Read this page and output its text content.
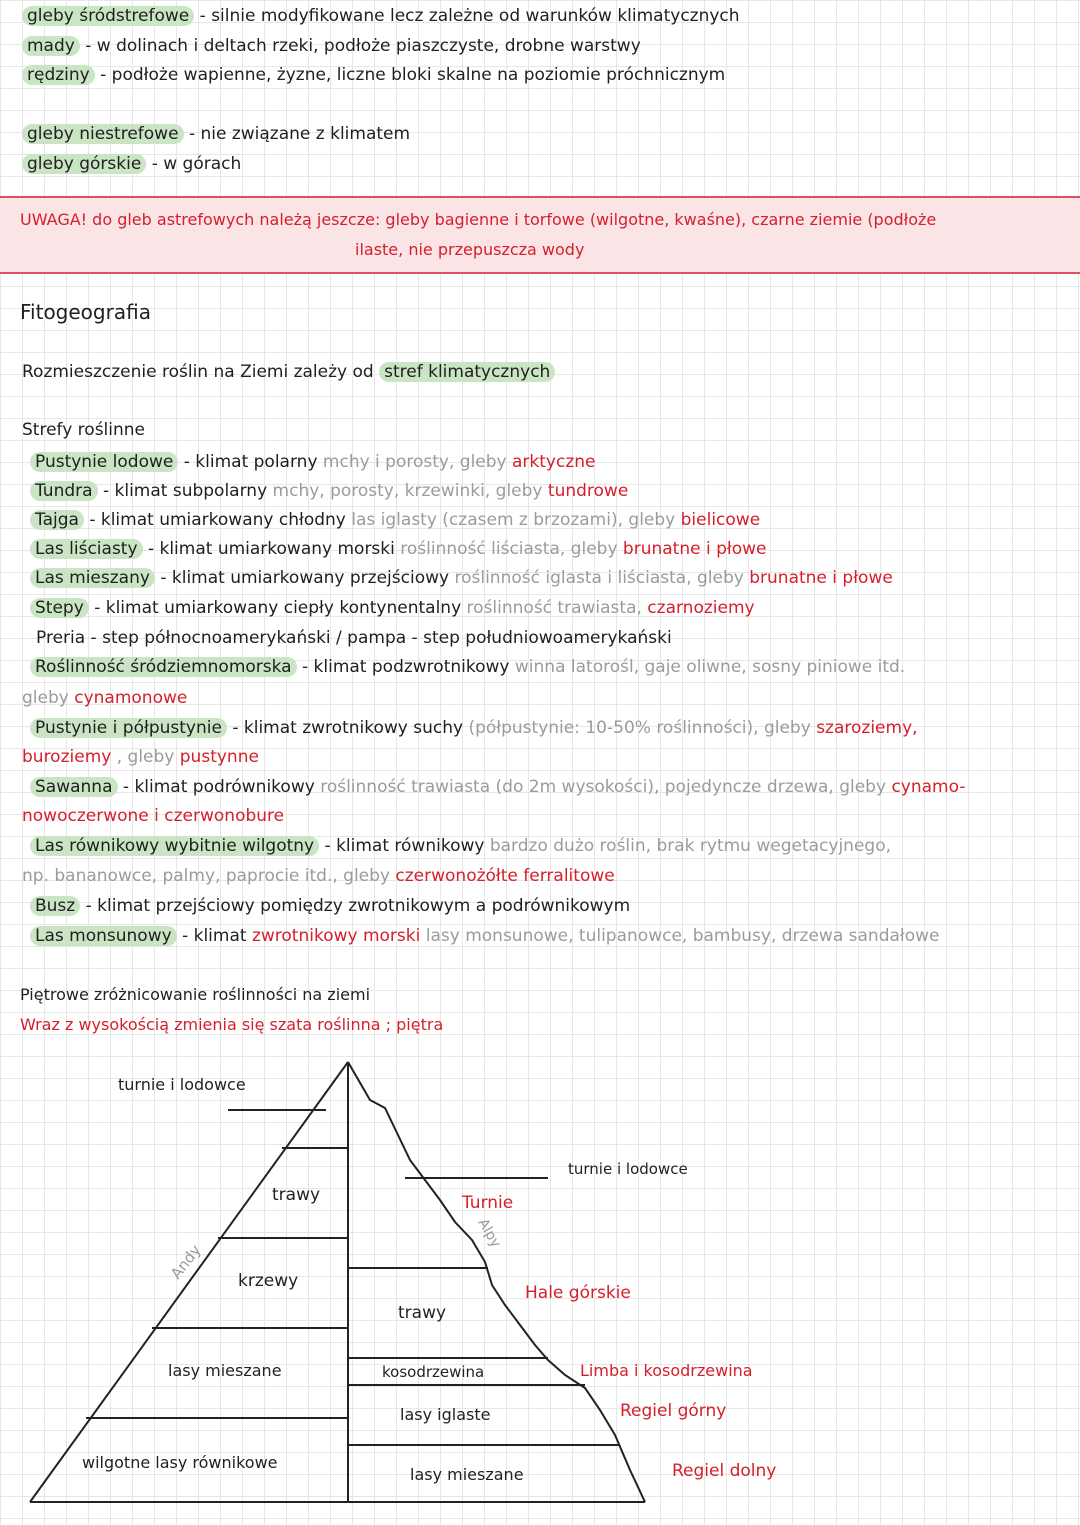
gleby śródstrefowe - silnie modyfikowane lecz zależne od warunków klimatycznych
mady - w dolinach i deltach rzeki, podłoże piaszczyste, drobne warstwy
rędziny - podłoże wapienne, żyzne, liczne bloki skalne na poziomie próchnicznym
gleby niestrefowe - nie związane z klimatem
gleby górskie - w górach
UWAGA! do gleb astrefowych należą jeszcze: gleby bagienne i torfowe (wilgotne, kwaśne), czarne ziemie (podłoże
ilaste, nie przepuszcza wody
Fitogeografia
Rozmieszczenie roślin na Ziemi zależy od stref klimatycznych
Strefy roślinne
Pustynie lodowe - klimat polarny mchy i porosty, gleby arktyczne
Tundra - klimat subpolarny mchy, porosty, krzewinki, gleby tundrowe
Tajga - klimat umiarkowany chłodny las iglasty (czasem z brzozami), gleby bielicowe
Las liściasty - klimat umiarkowany morski roślinność liściasta, gleby brunatne i płowe
Las mieszany - klimat umiarkowany przejściowy roślinność iglasta i liściasta, gleby brunatne i płowe
Stepy - klimat umiarkowany ciepły kontynentalny roślinność trawiasta, czarnoziemy
Preria - step północnoamerykański / pampa - step południowoamerykański
Roślinność śródziemnomorska - klimat podzwrotnikowy winna latorośl, gaje oliwne, sosny piniowe itd.
gleby cynamonowe
Pustynie i półpustynie - klimat zwrotnikowy suchy (półpustynie: 10-50% roślinności), gleby szaroziemy,
buroziemy , gleby pustynne
Sawanna - klimat podrównikowy roślinność trawiasta (do 2m wysokości), pojedyncze drzewa, gleby cynamo-
nowoczerwone i czerwonobure
Las równikowy wybitnie wilgotny - klimat równikowy bardzo dużo roślin, brak rytmu wegetacyjnego,
np. bananowce, palmy, paprocie itd., gleby czerwonożółte ferralitowe
Busz - klimat przejściowy pomiędzy zwrotnikowym a podrównikowym
Las monsunowy - klimat zwrotnikowy morski lasy monsunowe, tulipanowce, bambusy, drzewa sandałowe
Piętrowe zróżnicowanie roślinności na ziemi
Wraz z wysokością zmienia się szata roślinna ; piętra
turnie i lodowce
trawy
krzewy
lasy mieszane
wilgotne lasy równikowe
Andy
turnie i lodowce
trawy
kosodrzewina
lasy iglaste
lasy mieszane
Alpy
Turnie
Hale górskie
Limba i kosodrzewina
Regiel górny
Regiel dolny
